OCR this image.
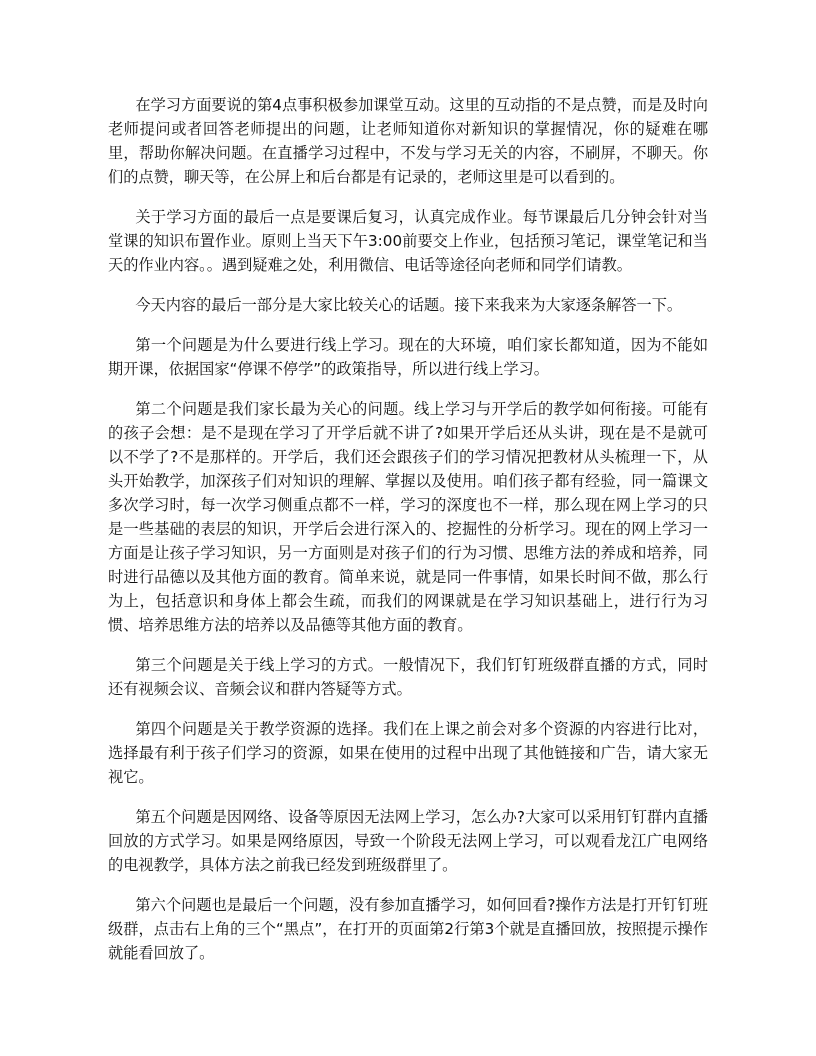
在学习方面要说的第4点事积极参加课堂互动。这里的互动指的不是点赞，而是及时向老师提问或者回答老师提出的问题，让老师知道你对新知识的掌握情况，你的疑难在哪里，帮助你解决问题。在直播学习过程中，不发与学习无关的内容，不刷屏，不聊天。你们的点赞，聊天等，在公屏上和后台都是有记录的，老师这里是可以看到的。

关于学习方面的最后一点是要课后复习，认真完成作业。每节课最后几分钟会针对当堂课的知识布置作业。原则上当天下午3:00前要交上作业，包括预习笔记，课堂笔记和当天的作业内容。。遇到疑难之处，利用微信、电话等途径向老师和同学们请教。

今天内容的最后一部分是大家比较关心的话题。接下来我来为大家逐条解答一下。

第一个问题是为什么要进行线上学习。现在的大环境，咱们家长都知道，因为不能如期开课，依据国家“停课不停学”的政策指导，所以进行线上学习。

第二个问题是我们家长最为关心的问题。线上学习与开学后的教学如何衔接。可能有的孩子会想：是不是现在学习了开学后就不讲了?如果开学后还从头讲，现在是不是就可以不学了?不是那样的。开学后，我们还会跟孩子们的学习情况把教材从头梳理一下，从头开始教学，加深孩子们对知识的理解、掌握以及使用。咱们孩子都有经验，同一篇课文多次学习时，每一次学习侧重点都不一样，学习的深度也不一样，那么现在网上学习的只是一些基础的表层的知识，开学后会进行深入的、挖掘性的分析学习。现在的网上学习一方面是让孩子学习知识，另一方面则是对孩子们的行为习惯、思维方法的养成和培养，同时进行品德以及其他方面的教育。简单来说，就是同一件事情，如果长时间不做，那么行为上，包括意识和身体上都会生疏，而我们的网课就是在学习知识基础上，进行行为习惯、培养思维方法的培养以及品德等其他方面的教育。

第三个问题是关于线上学习的方式。一般情况下，我们钉钉班级群直播的方式，同时还有视频会议、音频会议和群内答疑等方式。

第四个问题是关于教学资源的选择。我们在上课之前会对多个资源的内容进行比对，选择最有利于孩子们学习的资源，如果在使用的过程中出现了其他链接和广告，请大家无视它。

第五个问题是因网络、设备等原因无法网上学习，怎么办?大家可以采用钉钉群内直播回放的方式学习。如果是网络原因，导致一个阶段无法网上学习，可以观看龙江广电网络的电视教学，具体方法之前我已经发到班级群里了。

第六个问题也是最后一个问题，没有参加直播学习，如何回看?操作方法是打开钉钉班级群，点击右上角的三个“黑点”，在打开的页面第2行第3个就是直播回放，按照提示操作就能看回放了。
